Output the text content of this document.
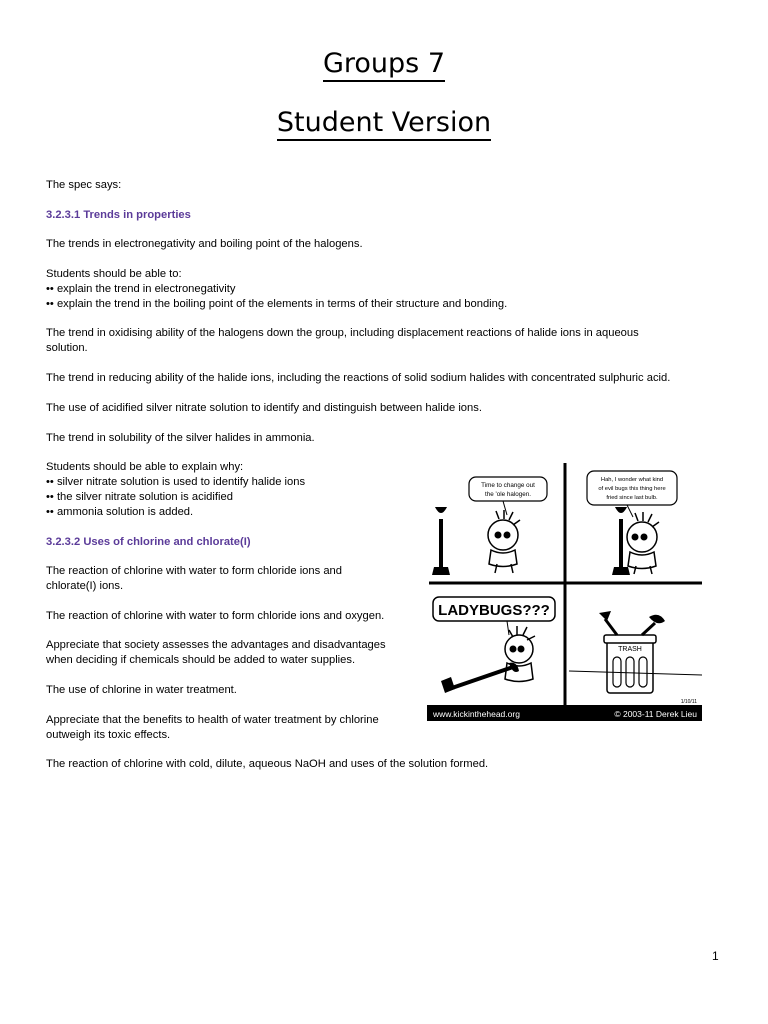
Groups 7
Student Version
The spec says:
3.2.3.1 Trends in properties
The trends in electronegativity and boiling point of the halogens.
Students should be able to:
•• explain the trend in electronegativity
•• explain the trend in the boiling point of the elements in terms of their structure and bonding.
The trend in oxidising ability of the halogens down the group, including displacement reactions of halide ions in aqueous
solution.
The trend in reducing ability of the halide ions, including the reactions of solid sodium halides with concentrated sulphuric acid.
The use of acidified silver nitrate solution to identify and distinguish between halide ions.
The trend in solubility of the silver halides in ammonia.
Students should be able to explain why:
•• silver nitrate solution is used to identify halide ions
•• the silver nitrate solution is acidified
•• ammonia solution is added.
3.2.3.2 Uses of chlorine and chlorate(I)
The reaction of chlorine with water to form chloride ions and
chlorate(I) ions.
The reaction of chlorine with water to form chloride ions and oxygen.
Appreciate that society assesses the advantages and disadvantages
when deciding if chemicals should be added to water supplies.
The use of chlorine in water treatment.
Appreciate that the benefits to health of water treatment by chlorine
outweigh its toxic effects.
The reaction of chlorine with cold, dilute, aqueous NaOH and uses of the solution formed.
Time to change out
the 'ole halogen.
Hah, I wonder what kind
of evil bugs this thing here
fried since last bulb.
LADYBUGS???
TRASH
1/10/11
www.kickinthehead.org	© 2003-11 Derek Lieu
1
